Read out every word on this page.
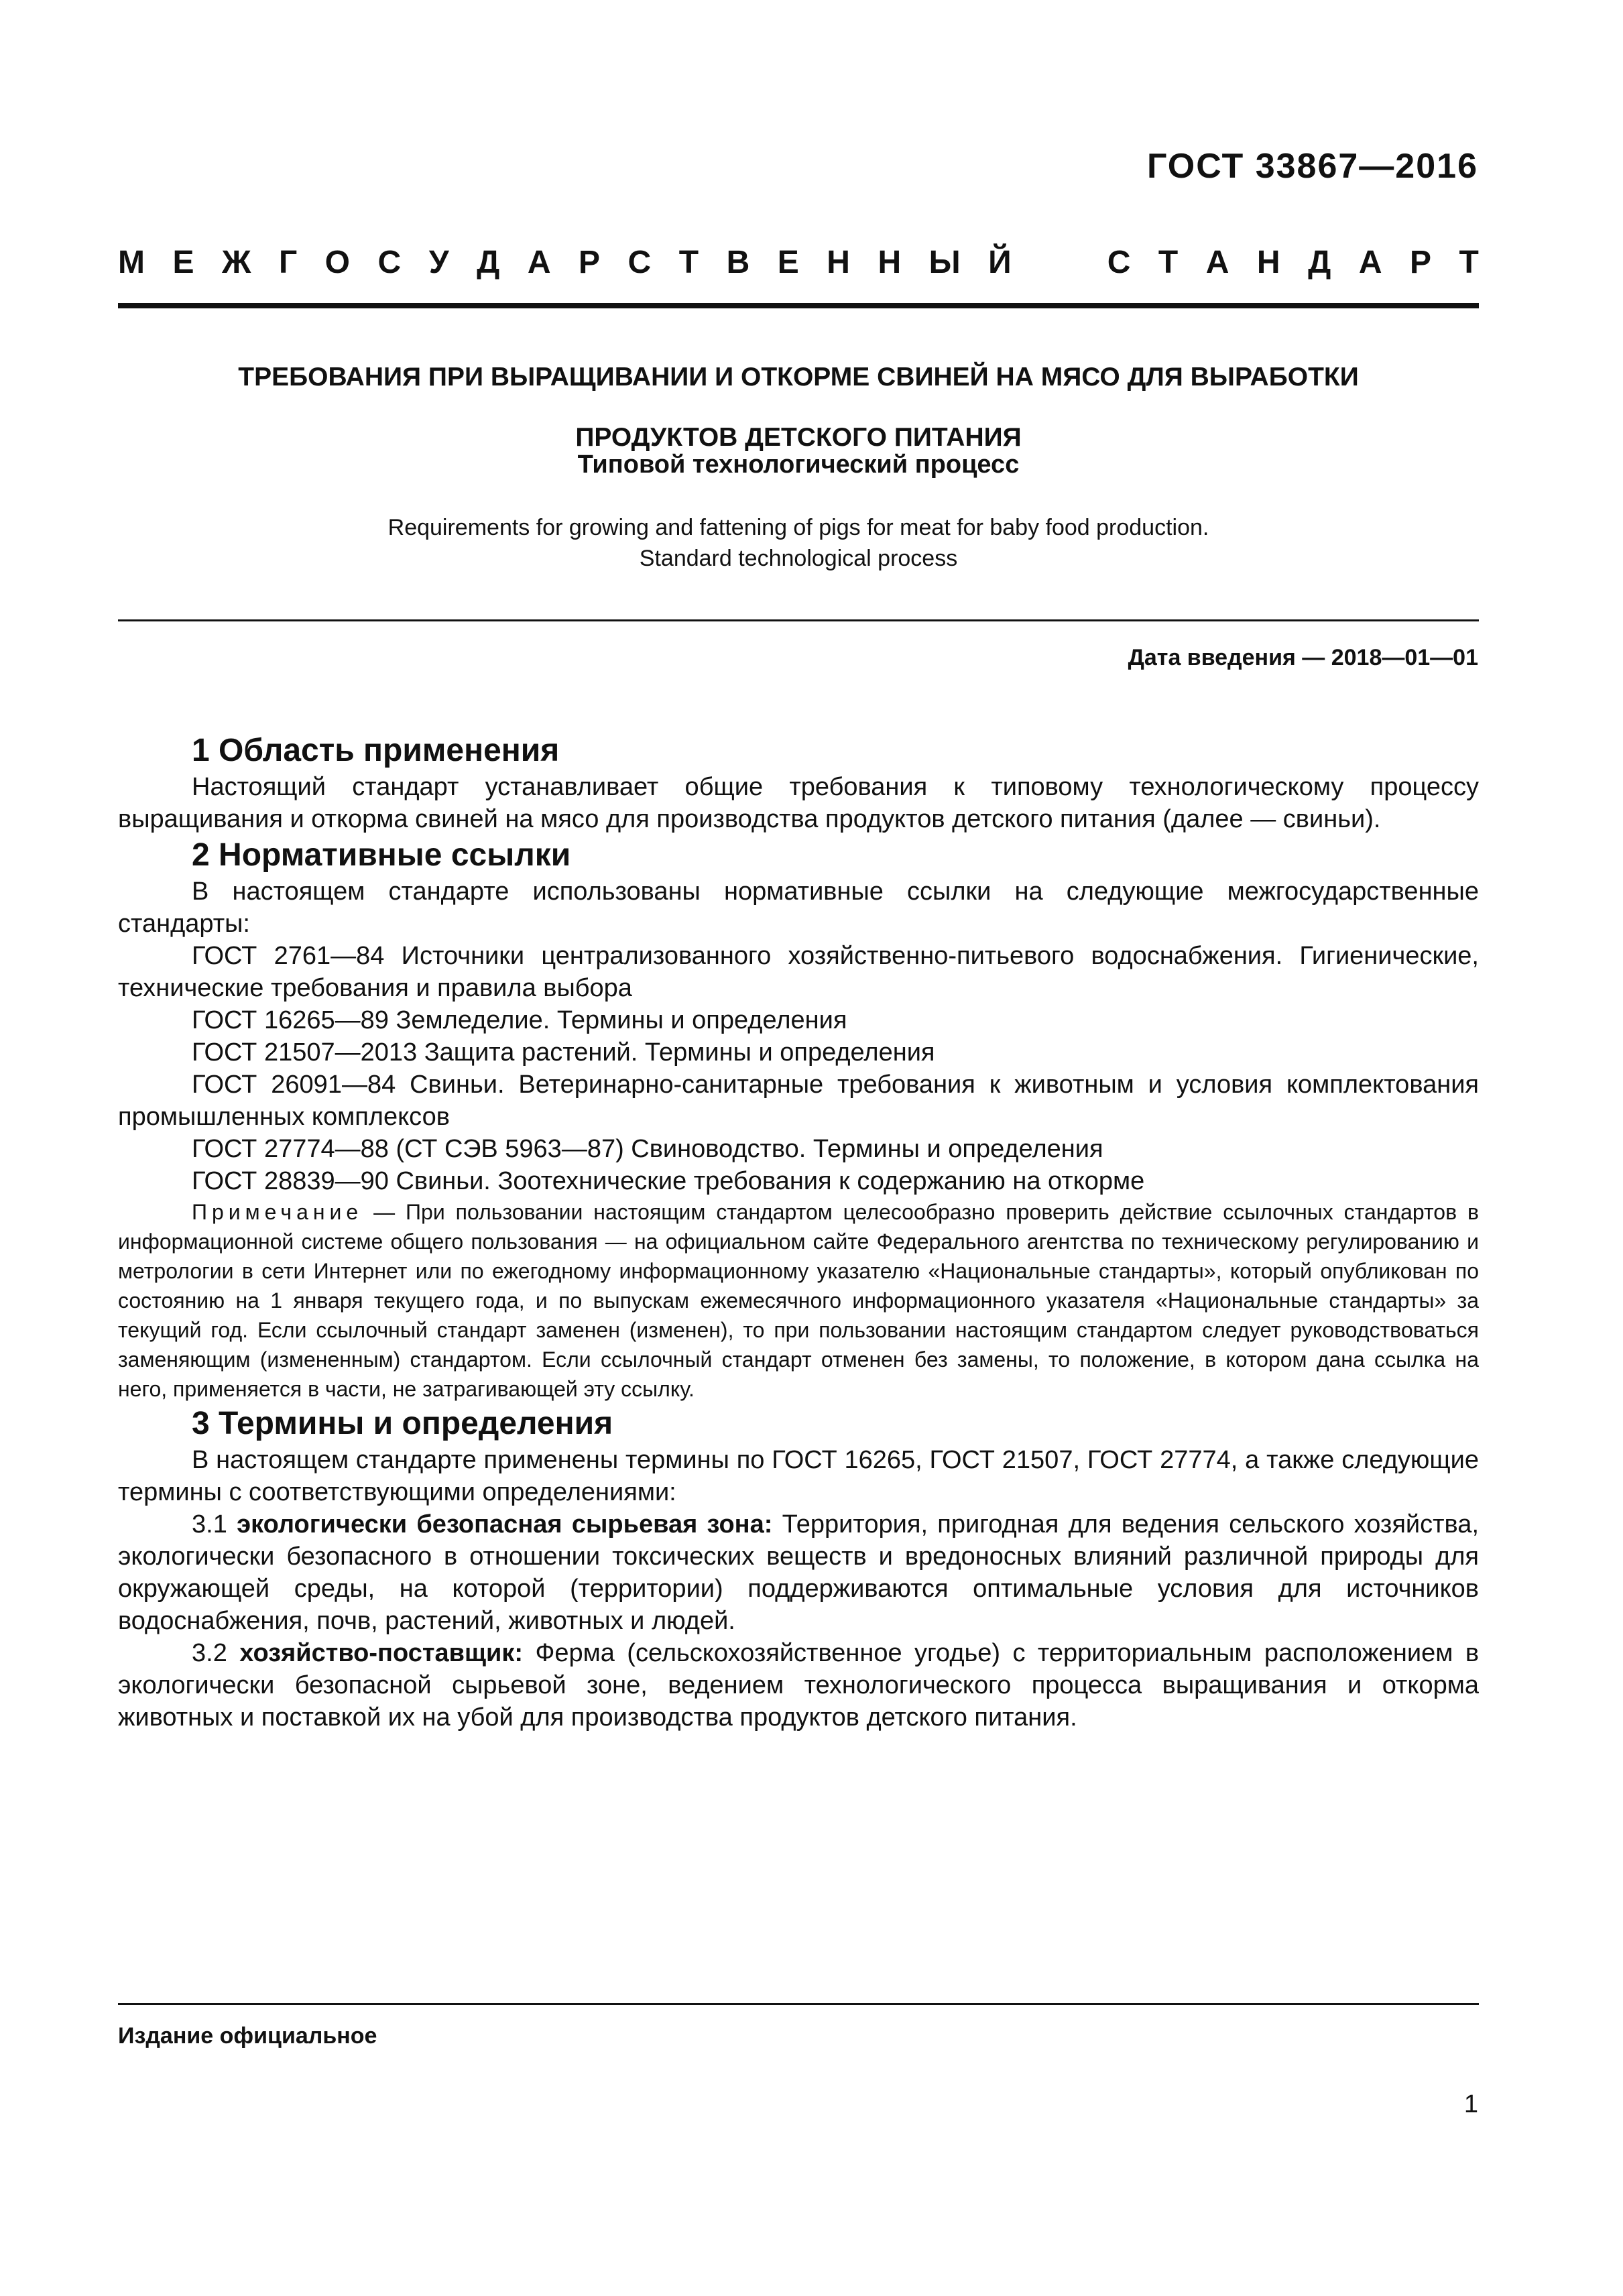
ГОСТ 33867—2016

М Е Ж Г О С У Д А Р С Т В Е Н Н Ы Й	С Т А Н Д А Р Т
ТРЕБОВАНИЯ ПРИ ВЫРАЩИВАНИИ И ОТКОРМЕ СВИНЕЙ НА МЯСО ДЛЯ ВЫРАБОТКИ
ПРОДУКТОВ ДЕТСКОГО ПИТАНИЯ

Типовой технологический процесс

Requirements for growing and fattening of pigs for meat for baby food production.
Standard technological process

Дата введения — 2018—01—01

1 Область применения

Настоящий стандарт устанавливает общие требования к типовому технологическому процессу выращивания и откорма свиней на мясо для производства продуктов детского питания (далее — свиньи).

2 Нормативные ссылки

В настоящем стандарте использованы нормативные ссылки на следующие межгосударственные стандарты:

ГОСТ 2761—84 Источники централизованного хозяйственно-питьевого водоснабжения. Гигиенические, технические требования и правила выбора

ГОСТ 16265—89 Земледелие. Термины и определения

ГОСТ 21507—2013 Защита растений. Термины и определения

ГОСТ 26091—84 Свиньи. Ветеринарно-санитарные требования к животным и условия комплектования промышленных комплексов

ГОСТ 27774—88 (СТ СЭВ 5963—87) Свиноводство. Термины и определения

ГОСТ 28839—90 Свиньи. Зоотехнические требования к содержанию на откорме

Примечание — При пользовании настоящим стандартом целесообразно проверить действие ссылочных стандартов в информационной системе общего пользования — на официальном сайте Федерального агентства по техническому регулированию и метрологии в сети Интернет или по ежегодному информационному указателю «Национальные стандарты», который опубликован по состоянию на 1 января текущего года, и по выпускам ежемесячного информационного указателя «Национальные стандарты» за текущий год. Если ссылочный стандарт заменен (изменен), то при пользовании настоящим стандартом следует руководствоваться заменяющим (измененным) стандартом. Если ссылочный стандарт отменен без замены, то положение, в котором дана ссылка на него, применяется в части, не затрагивающей эту ссылку.

3 Термины и определения

В настоящем стандарте применены термины по ГОСТ 16265, ГОСТ 21507, ГОСТ 27774, а также следующие термины с соответствующими определениями:

3.1 экологически безопасная сырьевая зона: Территория, пригодная для ведения сельского хозяйства, экологически безопасного в отношении токсических веществ и вредоносных влияний различной природы для окружающей среды, на которой (территории) поддерживаются оптимальные условия для источников водоснабжения, почв, растений, животных и людей.

3.2 хозяйство-поставщик: Ферма (сельскохозяйственное угодье) с территориальным расположением в экологически безопасной сырьевой зоне, ведением технологического процесса выращивания и откорма животных и поставкой их на убой для производства продуктов детского питания.

Издание официальное

1
